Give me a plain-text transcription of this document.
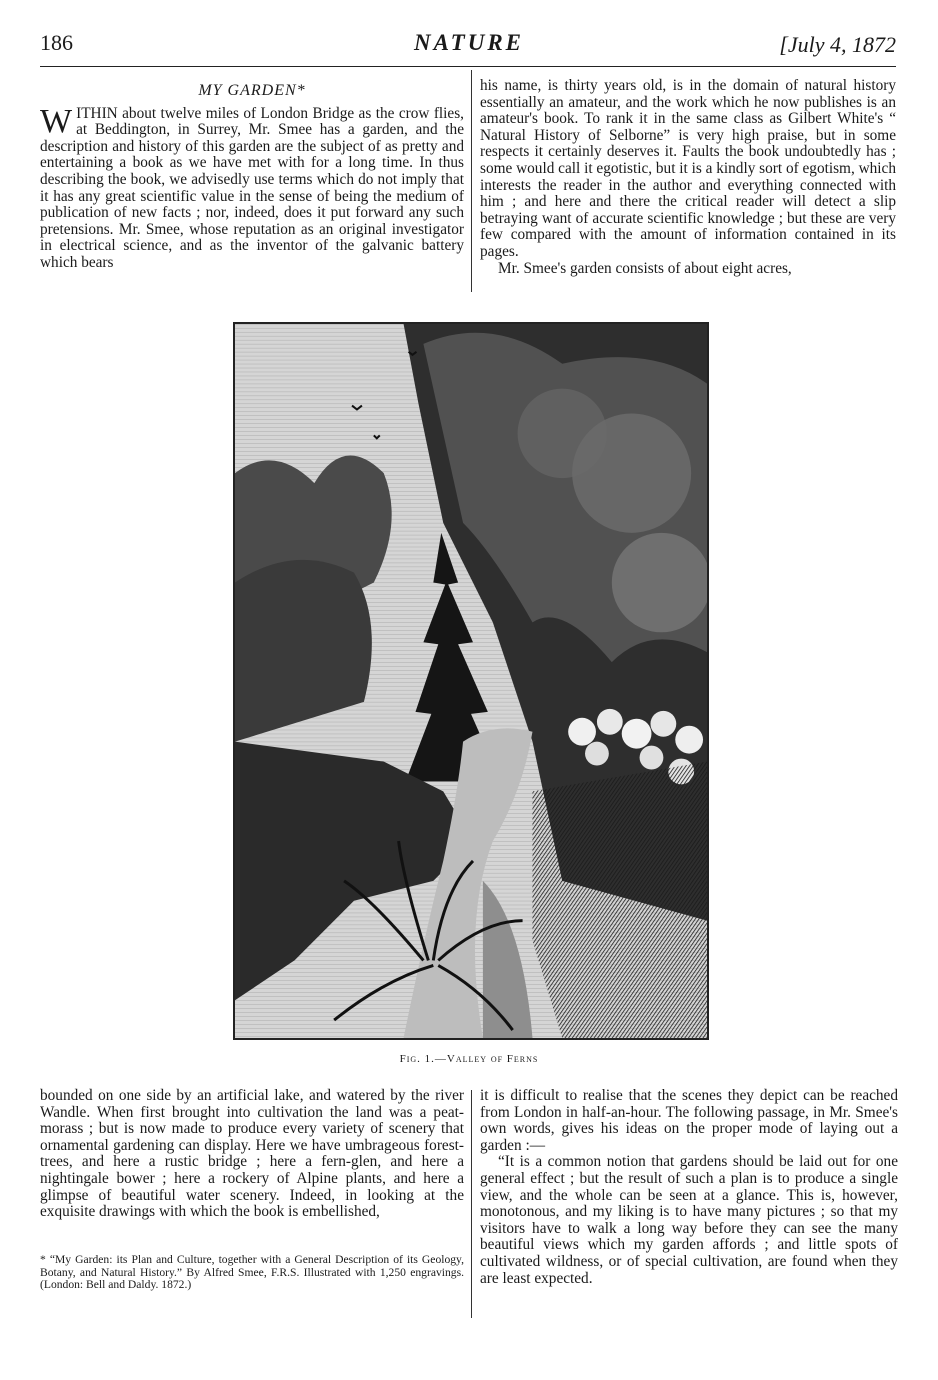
186	NATURE	[July 4, 1872

MY GARDEN*

WITHIN about twelve miles of London Bridge as the crow flies, at Beddington, in Surrey, Mr. Smee has a garden, and the description and history of this garden are the subject of as pretty and entertaining a book as we have met with for a long time. In thus describing the book, we advisedly use terms which do not imply that it has any great scientific value in the sense of being the medium of publication of new facts ; nor, indeed, does it put forward any such pretensions. Mr. Smee, whose reputation as an original investigator in electrical science, and as the inventor of the galvanic battery which bears

his name, is thirty years old, is in the domain of natural history essentially an amateur, and the work which he now publishes is an amateur's book. To rank it in the same class as Gilbert White's “ Natural History of Selborne” is very high praise, but in some respects it certainly deserves it. Faults the book undoubtedly has ; some would call it egotistic, but it is a kindly sort of egotism, which interests the reader in the author and everything connected with him ; and here and there the critical reader will detect a slip betraying want of accurate scientific knowledge ; but these are very few compared with the amount of information contained in its pages.

Mr. Smee's garden consists of about eight acres,

Fig. 1.—Valley of Ferns

bounded on one side by an artificial lake, and watered by the river Wandle. When first brought into cultivation the land was a peat-morass ; but is now made to produce every variety of scenery that ornamental gardening can display. Here we have umbrageous forest-trees, and here a rustic bridge ; here a fern-glen, and here a nightingale bower ; here a rockery of Alpine plants, and here a glimpse of beautiful water scenery. Indeed, in looking at the exquisite drawings with which the book is embellished,

it is difficult to realise that the scenes they depict can be reached from London in half-an-hour. The following passage, in Mr. Smee's own words, gives his ideas on the proper mode of laying out a garden :—

“It is a common notion that gardens should be laid out for one general effect ; but the result of such a plan is to produce a single view, and the whole can be seen at a glance. This is, however, monotonous, and my liking is to have many pictures ; so that my visitors have to walk a long way before they can see the many beautiful views which my garden affords ; and little spots of cultivated wildness, or of special cultivation, are found when they are least expected.

* “My Garden: its Plan and Culture, together with a General Description of its Geology, Botany, and Natural History.” By Alfred Smee, F.R.S. Illustrated with 1,250 engravings. (London: Bell and Daldy. 1872.)
